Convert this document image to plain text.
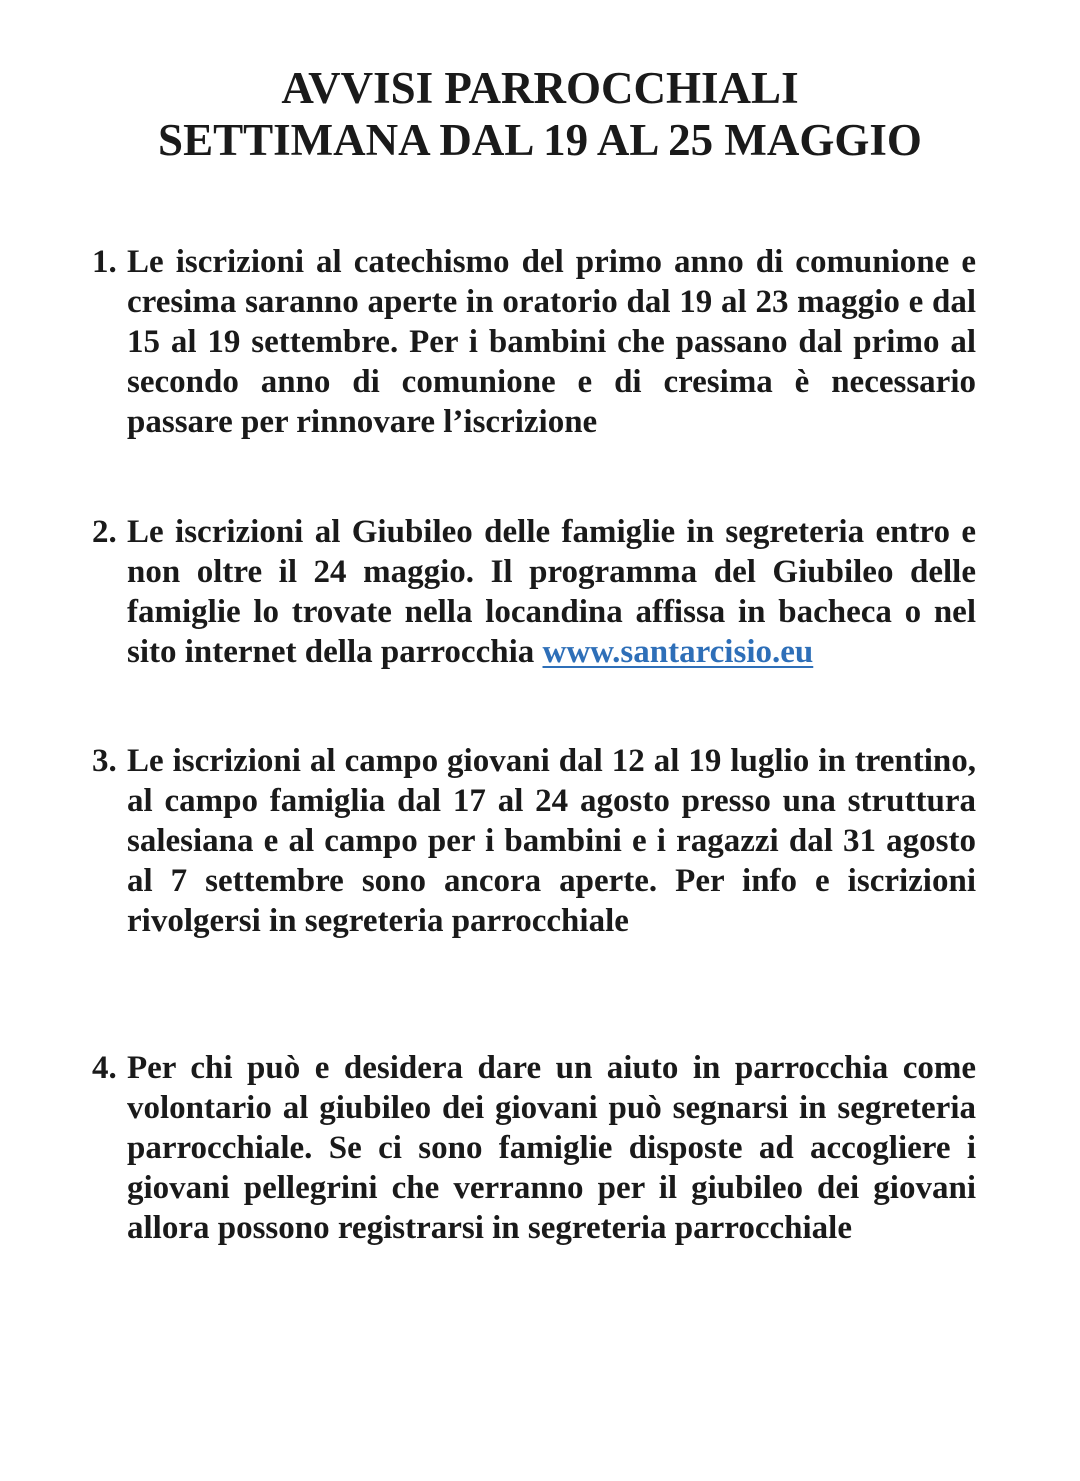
AVVISI PARROCCHIALI
SETTIMANA DAL 19 AL 25 MAGGIO
1. Le iscrizioni al catechismo del primo anno di comunione e cresima saranno aperte in oratorio dal 19 al 23 maggio e dal 15 al 19 settembre. Per i bambini che passano dal primo al secondo anno di comunione e di cresima è necessario passare per rinnovare l’iscrizione
2. Le iscrizioni al Giubileo delle famiglie in segreteria entro e non oltre il 24 maggio. Il programma del Giubileo delle famiglie lo trovate nella locandina affissa in bacheca o nel sito internet della parrocchia www.santarcisio.eu
3. Le iscrizioni al campo giovani dal 12 al 19 luglio in trentino, al campo famiglia dal 17 al 24 agosto presso una struttura salesiana e al campo per i bambini e i ragazzi dal 31 agosto al 7 settembre sono ancora aperte. Per info e iscrizioni rivolgersi in segreteria parrocchiale
4. Per chi può e desidera dare un aiuto in parrocchia come volontario al giubileo dei giovani può segnarsi in segreteria parrocchiale. Se ci sono famiglie disposte ad accogliere i giovani pellegrini che verranno per il giubileo dei giovani allora possono registrarsi in segreteria parrocchiale
